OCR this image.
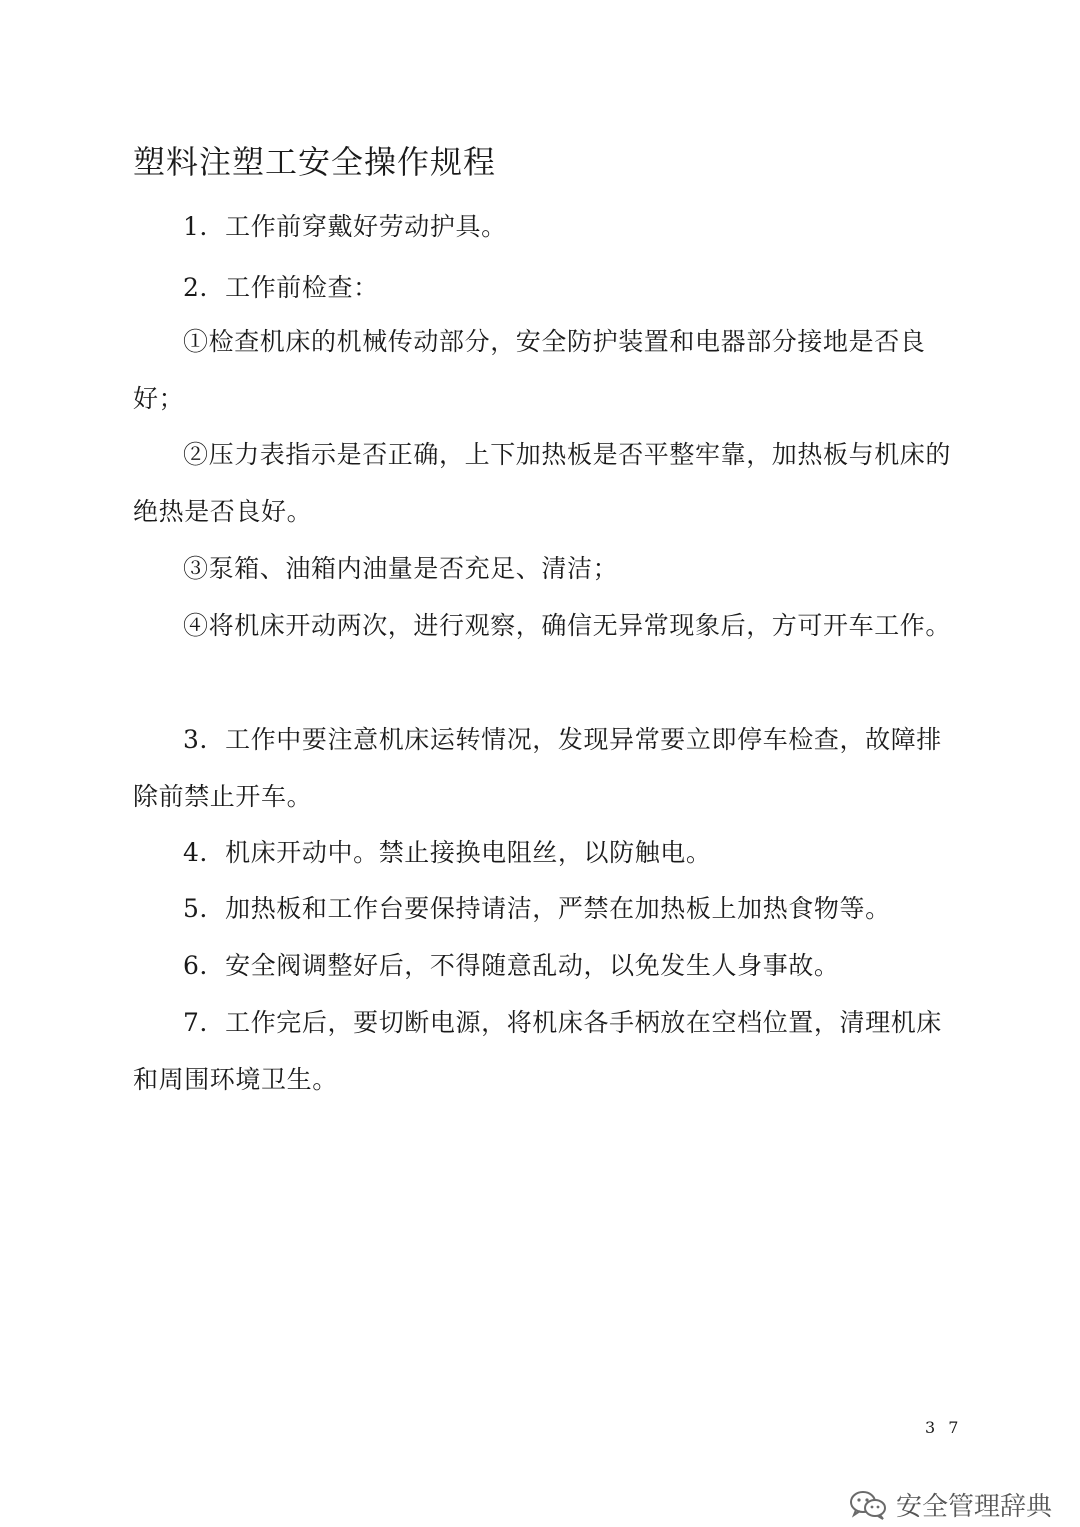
塑料注塑工安全操作规程
1．工作前穿戴好劳动护具。
2．工作前检查：
①检查机床的机械传动部分，安全防护装置和电器部分接地是否良好；
②压力表指示是否正确，上下加热板是否平整牢靠，加热板与机床的绝热是否良好。
③泵箱、油箱内油量是否充足、清洁；
④将机床开动两次，进行观察，确信无异常现象后，方可开车工作。
3．工作中要注意机床运转情况，发现异常要立即停车检查，故障排除前禁止开车。
4．机床开动中。禁止接换电阻丝，以防触电。
5．加热板和工作台要保持请洁，严禁在加热板上加热食物等。
6．安全阀调整好后，不得随意乱动，以免发生人身事故。
7．工作完后，要切断电源，将机床各手柄放在空档位置，清理机床和周围环境卫生。
3 7
安全管理辞典
